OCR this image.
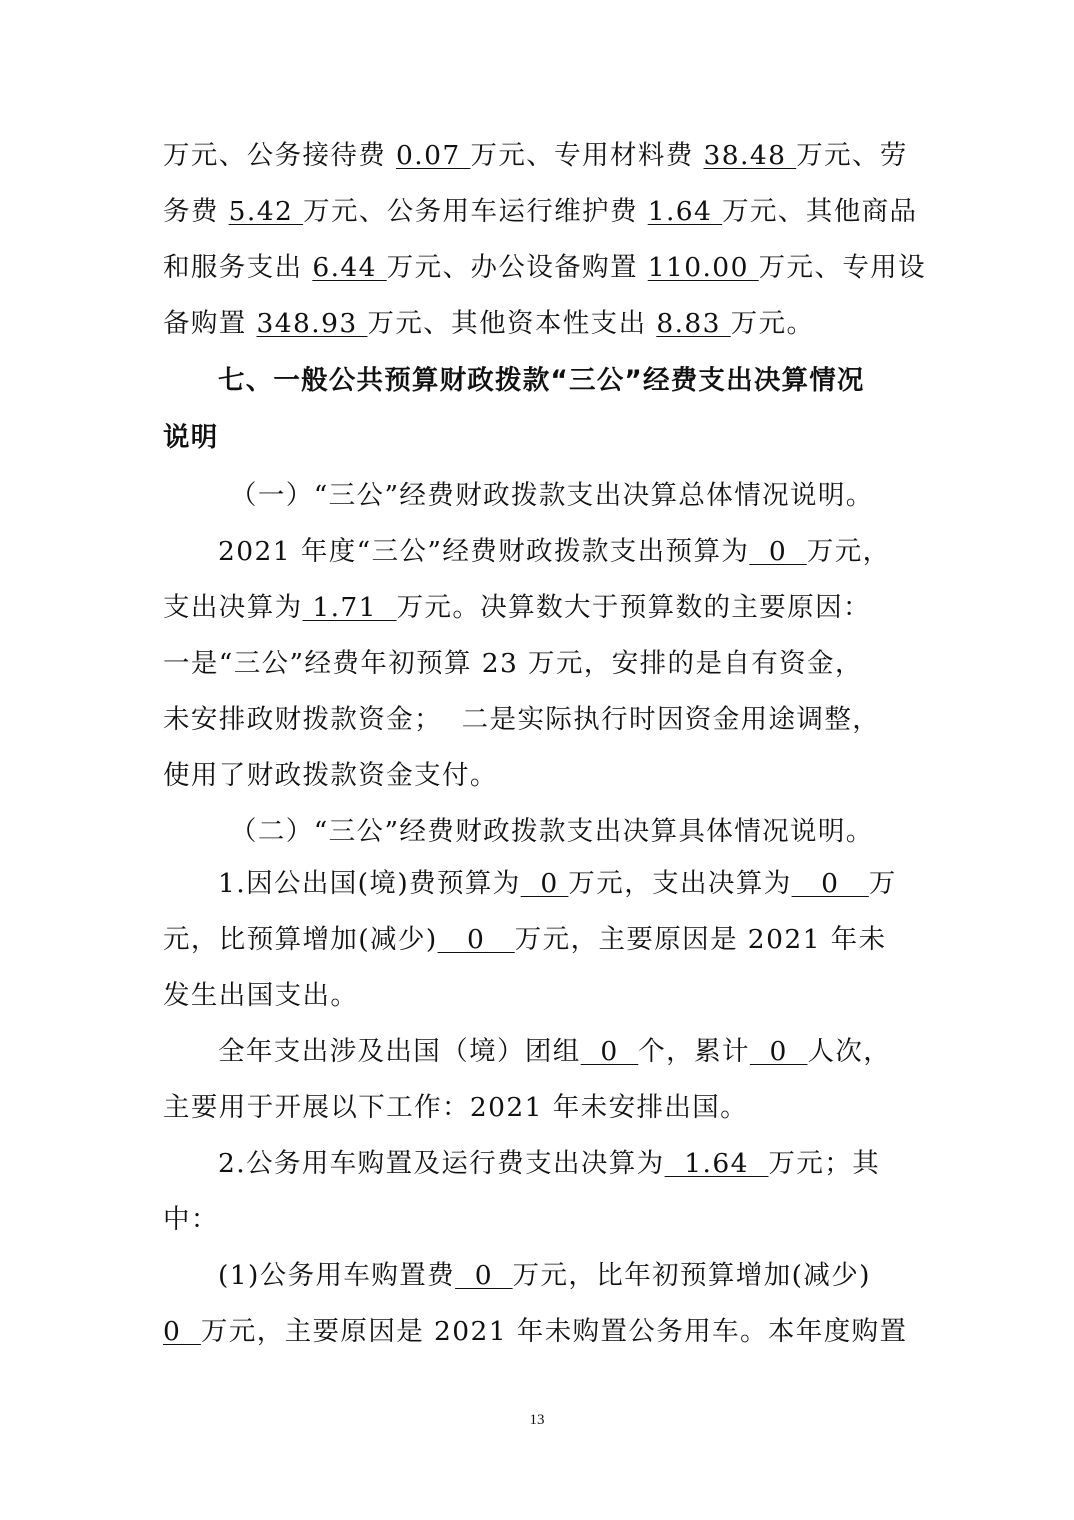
万元、公务接待费 0.07 万元、专用材料费 38.48 万元、劳
务费 5.42 万元、公务用车运行维护费 1.64 万元、其他商品
和服务支出 6.44 万元、办公设备购置 110.00 万元、专用设
备购置 348.93 万元、其他资本性支出 8.83 万元。
七、一般公共预算财政拨款“三公”经费支出决算情况
说明
（一）“三公”经费财政拨款支出决算总体情况说明。
2021 年度“三公”经费财政拨款支出预算为  0  万元，
支出决算为 1.71  万元。决算数大于预算数的主要原因：
一是“三公”经费年初预算 23 万元，安排的是自有资金，
未安排政财拨款资金；  二是实际执行时因资金用途调整，
使用了财政拨款资金支付。
（二）“三公”经费财政拨款支出决算具体情况说明。
1.因公出国(境)费预算为  0 万元，支出决算为   0   万
元，比预算增加(减少)   0   万元，主要原因是 2021 年未
发生出国支出。
全年支出涉及出国（境）团组  0  个，累计  0  人次，
主要用于开展以下工作：2021 年未安排出国。
2.公务用车购置及运行费支出决算为  1.64  万元；其
中：
(1)公务用车购置费  0  万元，比年初预算增加(减少)
0  万元，主要原因是 2021 年未购置公务用车。本年度购置
13
